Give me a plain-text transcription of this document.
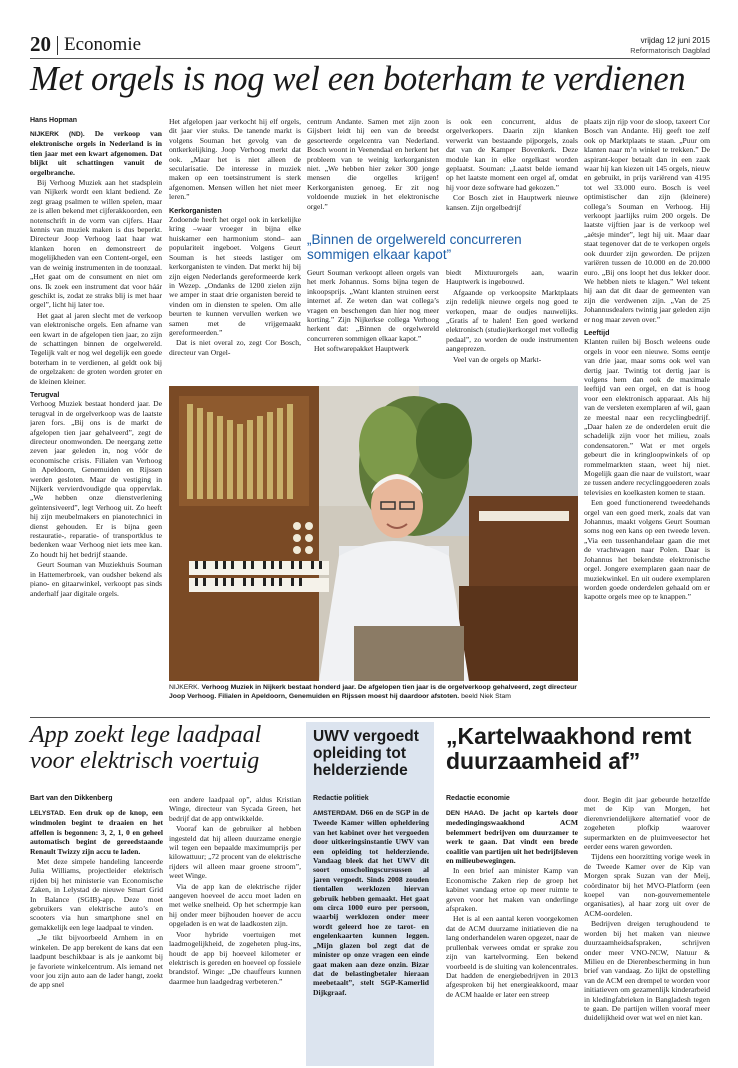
20 Economie	vrijdag 12 juni 2015
Reformatorisch Dagblad
Met orgels is nog wel een boterham te verdienen
Hans Hopman

NIJKERK (ND). De verkoop van elektronische orgels in Nederland is in tien jaar met een kwart afgenomen. Dat blijkt uit schattingen vanuit de orgelbranche.

Bij Verhoog Muziek aan het stadsplein van Nijkerk wordt een klant bediend. Ze zegt graag psalmen te willen spelen, maar ze is allen bekend met cijferakkoorden, een notenschrift in de vorm van cijfers. Haar kennis van muziek maken is dus beperkt. Directeur Joop Verhoog laat haar wat klanken horen en demonstreert de mogelijkheden van een Content-orgel, een van de weinig instrumenten in de toonzaal. „Het gaat om de consument en niet om ons. Ik zoek een instrument dat voor háár geschikt is, zodat ze straks blij is met haar orgel”, licht hij later toe.

Het gaat al jaren slecht met de verkoop van elektronische orgels. Een afname van een kwart in de afgelopen tien jaar, zo zijn de schattingen binnen de orgelwereld. Tegelijk valt er nog wel degelijk een goede boterham in te verdienen, al geldt ook bij de orgelzaken: de groten worden groter en de kleinen kleiner.

Terugval

Verhoog Muziek bestaat honderd jaar. De terugval in de orgelverkoop was de laatste jaren fors. „Bij ons is de markt de afgelopen tien jaar gehalveerd”, zegt de directeur onomwonden. De neergang zette zeven jaar geleden in, nog vóór de economische crisis. Filialen van Verhoog in Apeldoorn, Genemuiden en Rijssen werden gesloten. Maar de vestiging in Nijkerk vervierdvoudigde qua oppervlak. „We hebben onze dienstverlening geïntensiveerd”, legt Verhoog uit. Zo heeft hij zijn meubelmakers en pianotechnici in dienst gehouden. Er is bijna geen restauratie-, reparatie- of transportklus te bedenken waar Verhoog niet iets mee kan. Zo houdt hij het bedrijf staande.

Geurt Souman van Muziekhuis Souman in Hattemerbroek, van oudsher bekend als piano- en gitaarwinkel, verkoopt pas sinds anderhalf jaar digitale orgels.

Het afgelopen jaar verkocht hij elf orgels, dit jaar vier stuks. De tanende markt is volgens Souman het gevolg van de ontkerkelijking. Joop Verhoog merkt dat ook. „Maar het is niet alleen de secularisatie. De interesse in muziek maken op een toetsinstrument is sterk afgenomen. Mensen willen het niet meer leren.”

Kerkorganisten

Zodoende heeft het orgel ook in kerkelijke kring –waar vroeger in bijna elke huiskamer een harmonium stond– aan populariteit ingeboet. Volgens Geurt Souman is het steeds lastiger om kerkorganisten te vinden. Dat merkt hij bij zijn eigen Nederlands gereformeerde kerk in Wezep. „Ondanks de 1200 zielen zijn we amper in staat drie organisten bereid te vinden om in diensten te spelen. Om alle beurten te kunnen vervullen werken we samen met de vrijgemaakt gereformeerden.”

Dat is niet overal zo, zegt Cor Bosch, directeur van Orgel-

centrum Andante. Samen met zijn zoon Gijsbert leidt hij een van de breedst gesorteerde orgelcentra van Nederland. Bosch woont in Veenendaal en herkent het probleem van te weinig kerkorganisten niet. „We hebben hier zeker 300 jonge mensen die orgelles krijgen! Kerkorganisten genoeg. Er zit nog voldoende muziek in het elektronische orgel.”

is ook een concurrent, aldus de orgelverkopers. Daarin zijn klanken verwerkt van bestaande pijporgels, zoals dat van de Kamper Bovenkerk. Deze module kan in elke orgelkast worden geplaatst. Souman: „Laatst belde iemand op het laatste moment een orgel af, omdat hij voor deze software had gekozen.”

Cor Bosch ziet in Hauptwerk nieuwe kansen. Zijn orgelbedrijf

„Binnen de orgelwereld concurreren sommigen elkaar kapot”

Geurt Souman verkoopt alleen orgels van het merk Johannus. Soms bijna tegen de inkoopsprijs. „Want klanten struinen eerst internet af. Ze weten dan wat collega’s vragen en beschengen dan hier nog meer korting.” Zijn Nijkerkse collega Verhoog herkent dat: „Binnen de orgelwereld concurreren sommigen elkaar kapot.”

Het softwarepakket Hauptwerk

biedt Mixtuurorgels aan, waarin Hauptwerk is ingebouwd.

Afgaande op verkoopsite Marktplaats zijn redelijk nieuwe orgels nog goed te verkopen, maar de oudjes nauwelijks. „Gratis af te halen! Een goed werkend elektronisch (studie)kerkorgel met volledig pedaal”, zo worden de oude instrumenten aangeprezen.

Veel van de orgels op Markt-

plaats zijn rijp voor de sloop, taxeert Cor Bosch van Andante. Hij geeft toe zelf ook op Marktplaats te staan. „Puur om klanten naar m’n winkel te trekken.” De aspirant-koper betaalt dan in een zaak waar hij kan kiezen uit 145 orgels, nieuw en gebruikt, in prijs variërend van 4195 tot wel 33.000 euro. Bosch is veel optimistischer dan zijn (kleinere) collega’s Souman en Verhoog. Hij verkoopt jaarlijks ruim 200 orgels. De laatste vijftien jaar is de verkoop wel „aétsje minder”, legt hij uit. Maar daar staat tegenover dat de te verkopen orgels ook duurder zijn geworden. De prijzen variëren tussen de 10.000 en de 20.000 euro. „Bij ons loopt het dus lekker door. We hebben niets te klagen.” Wel tekent hij aan dat dit daar de gemeenten van zijn die verdwenen zijn. „Van de 25 Johannusdealers twintig jaar geleden zijn er nog maar zeven over.”

Leeftijd

Klanten ruilen bij Bosch weleens oude orgels in voor een nieuwe. Soms eentje van drie jaar, maar soms ook wel van dertig jaar. Twintig tot dertig jaar is volgens hem dan ook de maximale leeftijd van een orgel, en dat is hoog voor een elektronisch apparaat. Als hij van de versleten exemplaren af wil, gaan ze meestal naar een recyclingbedrijf. „Daar halen ze de onderdelen eruit die schadelijk zijn voor het milieu, zoals condensatoren.” Wat er met orgels gebeurt die in kringloopwinkels of op rommelmarkten staan, weet hij niet. Mogelijk gaan die naar de vuilstort, waar ze tussen andere recyclinggoederen zoals televisies en koelkasten komen te staan.

Een goed functionerend tweedehands orgel van een goed merk, zoals dat van Johannus, maakt volgens Geurt Souman soms nog een kans op een tweede leven. „Via een tussenhandelaar gaan die met de vrachtwagen naar Polen. Daar is Johannus het bekendste elektronische orgel. Jongere exemplaren gaan naar de muziekwinkel. En uit oudere exemplaren worden goede onderdelen gehaald om er kapotte orgels mee op te knappen.”

NIJKERK. Verhoog Muziek in Nijkerk bestaat honderd jaar. De afgelopen tien jaar is de orgelverkoop gehalveerd, zegt directeur Joop Verhoog. Filialen in Apeldoorn, Genemuiden en Rijssen moest hij daardoor afstoten. beeld Niek Stam
App zoekt lege laadpaal voor elektrisch voertuig
Bart van den Dikkenberg

LELYSTAD. Een druk op de knop, een windmolen begint te draaien en het affellen is begonnen: 3, 2, 1, 0 en geheel automatisch begint de gereedstaande Renault Twizzy zijn accu te laden.

Met deze simpele handeling lanceerde Julia Williams, projectleider elektrisch rijden bij het ministerie van Economische Zaken, in Lelystad de nieuwe Smart Grid In Balance (SGIB)-app. Deze moet gebruikers van elektrische auto’s en scooters via hun smartphone snel en gemakkelijk een lege laadpaal te vinden.

„Je tikt bijvoorbeeld Arnhem in en winkelen. De app berekent de kans dat een laadpunt beschikbaar is als je aankomt bij je favoriete winkelcentrum. Als iemand net voor jou zijn auto aan de lader hangt, zoekt de app snel

een andere laadpaal op”, aldus Kristian Winge, directeur van Sycada Green, het bedrijf dat de app ontwikkelde.

Vooraf kan de gebruiker al hebben ingesteld dat hij alleen duurzame energie wil tegen een bepaalde maximumprijs per kilowattuur; „72 procent van de elektrische rijders wil alleen maar groene stroom”, weet Winge.

Via de app kan de elektrische rijder aangeven hoeveel de accu moet laden en met welke snelheid. Op het schermpje kan hij onder meer bijhouden hoever de accu opgeladen is en wat de laadkosten zijn.

Voor hybride voertuigen met laadmogelijkheid, de zogeheten plug-ins, houdt de app bij hoeveel kilometer er elektrisch is gereden en hoeveel op fossiele brandstof. Winge: „De chauffeurs kunnen daarmee hun laadgedrag verbeteren.”

UWV vergoedt opleiding tot helderziende
Redactie politiek

AMSTERDAM. D66 en de SGP in de Tweede Kamer willen opheldering van het kabinet over het vergoeden door uitkeringsinstantie UWV van een opleiding tot helderziende. Vandaag bleek dat het UWV dit soort omscholingscursussen al jaren vergoedt. Sinds 2008 zouden tientallen werklozen hiervan gebruik hebben gemaakt. Het gaat om circa 1000 euro per persoon, waarbij werklozen onder meer wordt geleerd hoe ze tarot- en engelenkaarten kunnen leggen. „Mijn glazen bol zegt dat de minister op onze vragen een einde gaat maken aan deze onzin. Bizar dat de belastingbetaler hieraan meebetaalt”, stelt SGP-Kamerlid Dijkgraaf.

„Kartelwaakhond remt duurzaamheid af”
Redactie economie

DEN HAAG. De jacht op kartels door mededingingswaakhond ACM belemmert bedrijven om duurzamer te werk te gaan. Dat vindt een brede coalitie van partijen uit het bedrijfsleven en milieubewegingen.

In een brief aan minister Kamp van Economische Zaken riep de groep het kabinet vandaag ertoe op meer ruimte te geven voor het maken van onderlinge afspraken.

Het is al een aantal keren voorgekomen dat de ACM duurzame initiatieven die na lang onderhandelen waren opgezet, naar de prullenbak verwees omdat er sprake zou zijn van kartelvorming. Een bekend voorbeeld is de sluiting van kolencentrales. Dat hadden de energiebedrijven in 2013 afgesproken bij het energieakkoord, maar de ACM haalde er later een streep

door. Begin dit jaar gebeurde hetzelfde met de Kip van Morgen, het dierenvriendelijkere alternatief voor de zogeheten plofkip waarover supermarkten en de pluimveesector het eerder eens waren geworden.

Tijdens een hoorzitting vorige week in de Tweede Kamer over de Kip van Morgen sprak Suzan van der Meij, coördinator bij het MVO-Platform (een koepel van non-gouvernementele organisaties), al haar zorg uit over de ACM-oordelen.

Bedrijven dreigen terughoudend te worden bij het maken van nieuwe duurzaamheidsafspraken, schrijven onder meer VNO-NCW, Natuur & Milieu en de Dierenbescherming in hun brief van vandaag. Zo lijkt de opstelling van de ACM een drempel te worden voor initiatieven om gezamenlijk kinderarbeid in kledingfabrieken in Bangladesh tegen te gaan. De partijen willen vooraf meer duidelijkheid over wat wel en niet kan.
